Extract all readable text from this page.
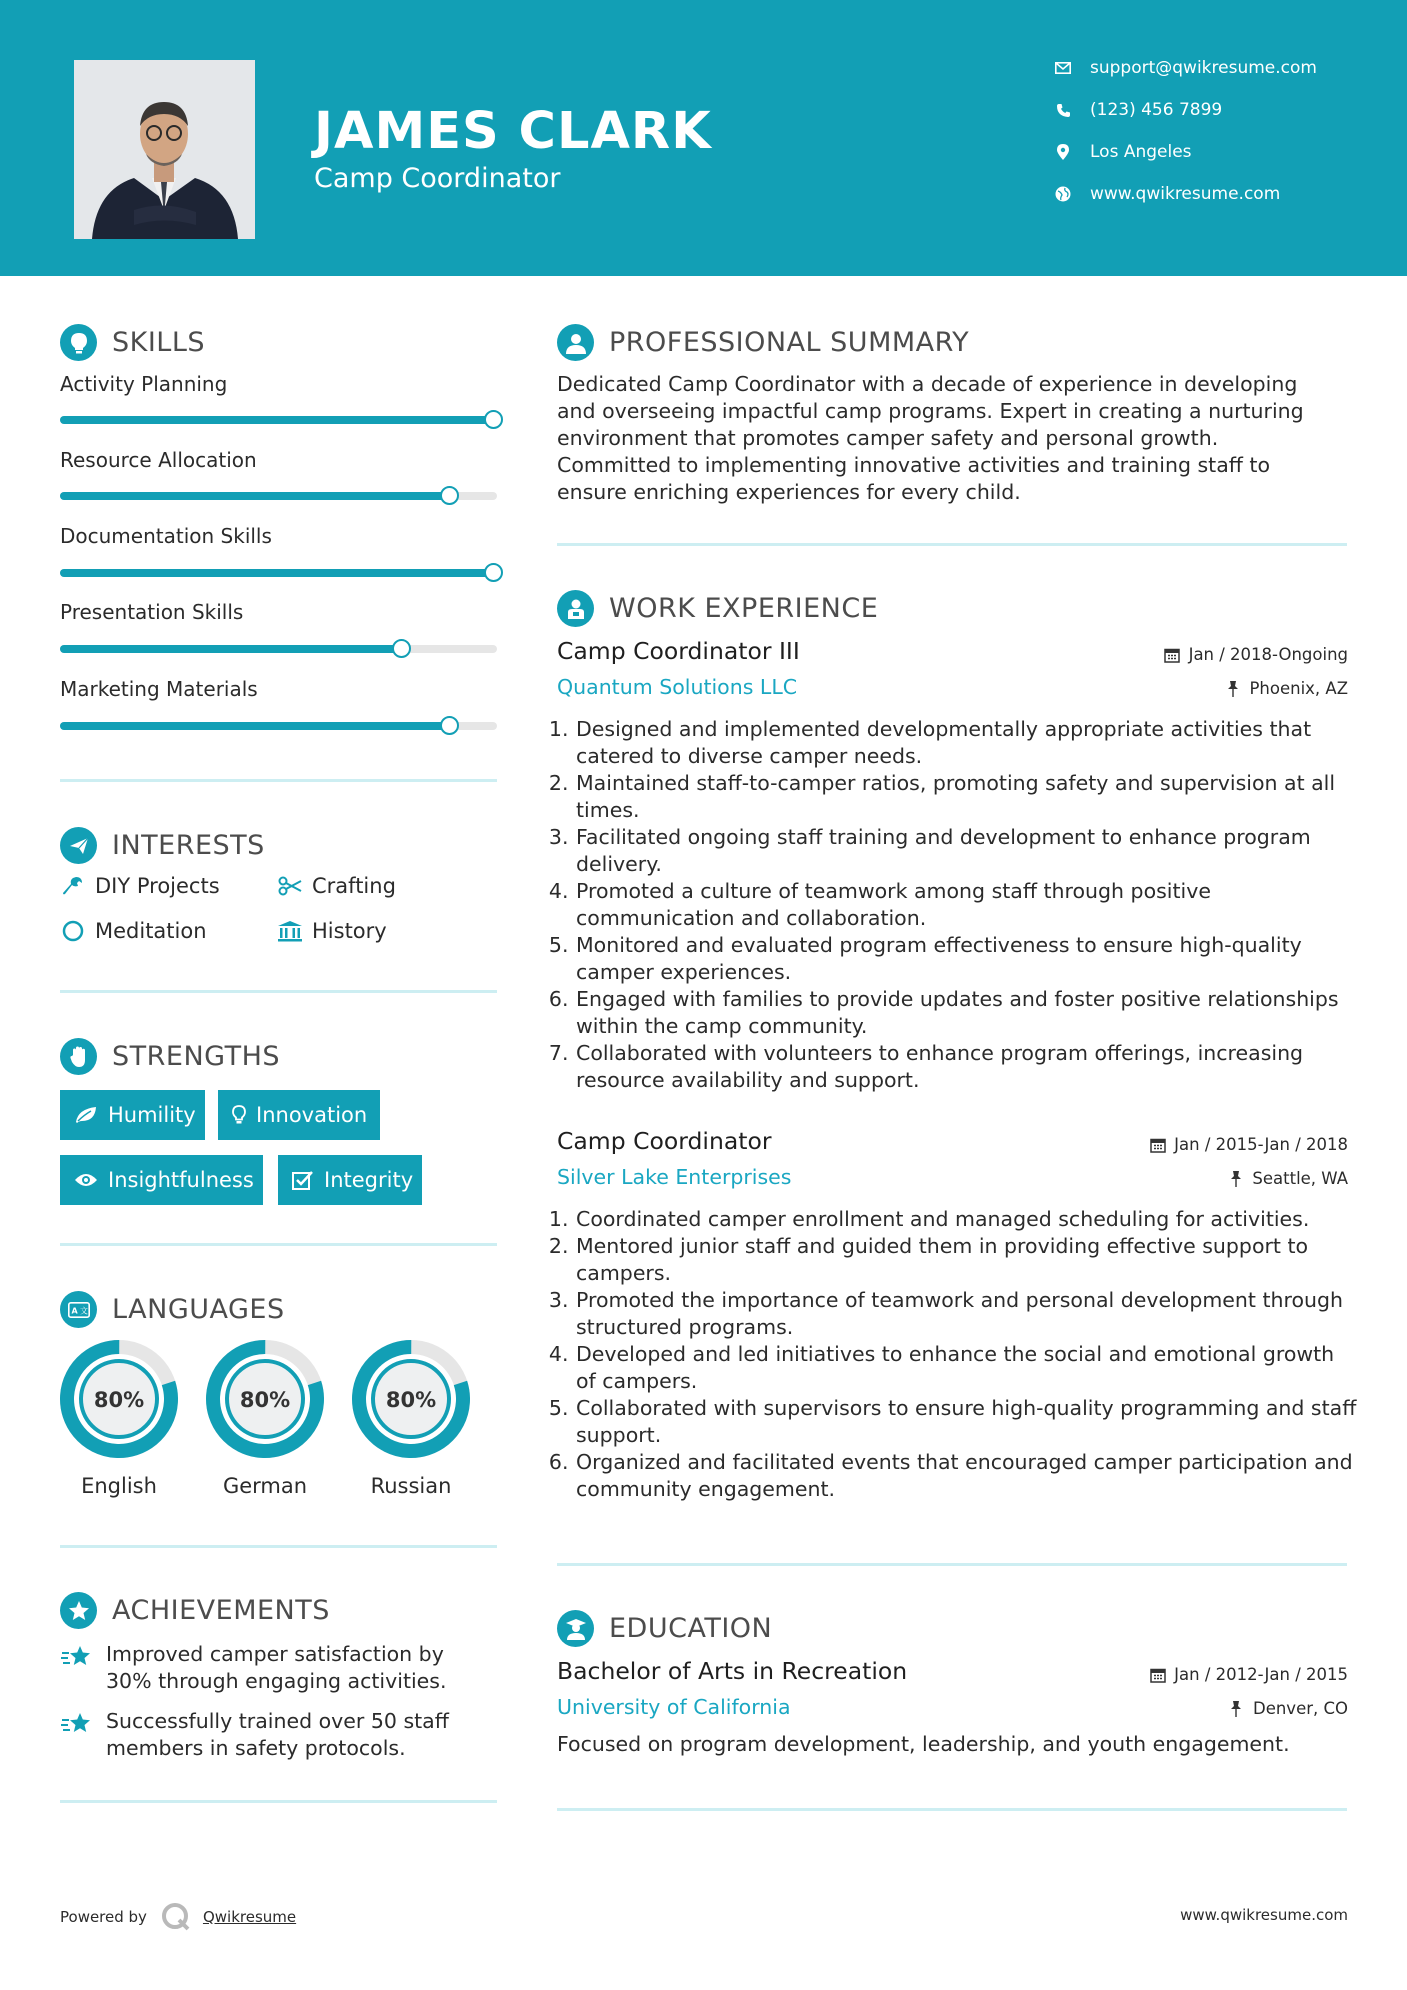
JAMES CLARK
Camp Coordinator
support@qwikresume.com
(123) 456 7899
Los Angeles
www.qwikresume.com
SKILLS
Activity Planning
Resource Allocation
Documentation Skills
Presentation Skills
Marketing Materials
INTERESTS
DIY Projects	Crafting
Meditation	History
STRENGTHS
Humility	Innovation
Insightfulness	Integrity
A 文 LANGUAGES
80%
English
80%
German
80%
Russian
ACHIEVEMENTS
Improved camper satisfaction by
30% through engaging activities.
Successfully trained over 50 staff
members in safety protocols.
PROFESSIONAL SUMMARY
Dedicated Camp Coordinator with a decade of experience in developing and overseeing impactful camp programs. Expert in creating a nurturing environment that promotes camper safety and personal growth. Committed to implementing innovative activities and training staff to ensure enriching experiences for every child.
WORK EXPERIENCE
Camp Coordinator III	Jan / 2018-Ongoing
Quantum Solutions LLC	Phoenix, AZ
1. Designed and implemented developmentally appropriate activities that catered to diverse camper needs.
2. Maintained staff-to-camper ratios, promoting safety and supervision at all times.
3. Facilitated ongoing staff training and development to enhance program delivery.
4. Promoted a culture of teamwork among staff through positive communication and collaboration.
5. Monitored and evaluated program effectiveness to ensure high-quality camper experiences.
6. Engaged with families to provide updates and foster positive relationships within the camp community.
7. Collaborated with volunteers to enhance program offerings, increasing resource availability and support.
Camp Coordinator	Jan / 2015-Jan / 2018
Silver Lake Enterprises	Seattle, WA
1. Coordinated camper enrollment and managed scheduling for activities.
2. Mentored junior staff and guided them in providing effective support to campers.
3. Promoted the importance of teamwork and personal development through structured programs.
4. Developed and led initiatives to enhance the social and emotional growth of campers.
5. Collaborated with supervisors to ensure high-quality programming and staff support.
6. Organized and facilitated events that encouraged camper participation and community engagement.
EDUCATION
Bachelor of Arts in Recreation	Jan / 2012-Jan / 2015
University of California	Denver, CO
Focused on program development, leadership, and youth engagement.
Powered by	Qwikresume	www.qwikresume.com
